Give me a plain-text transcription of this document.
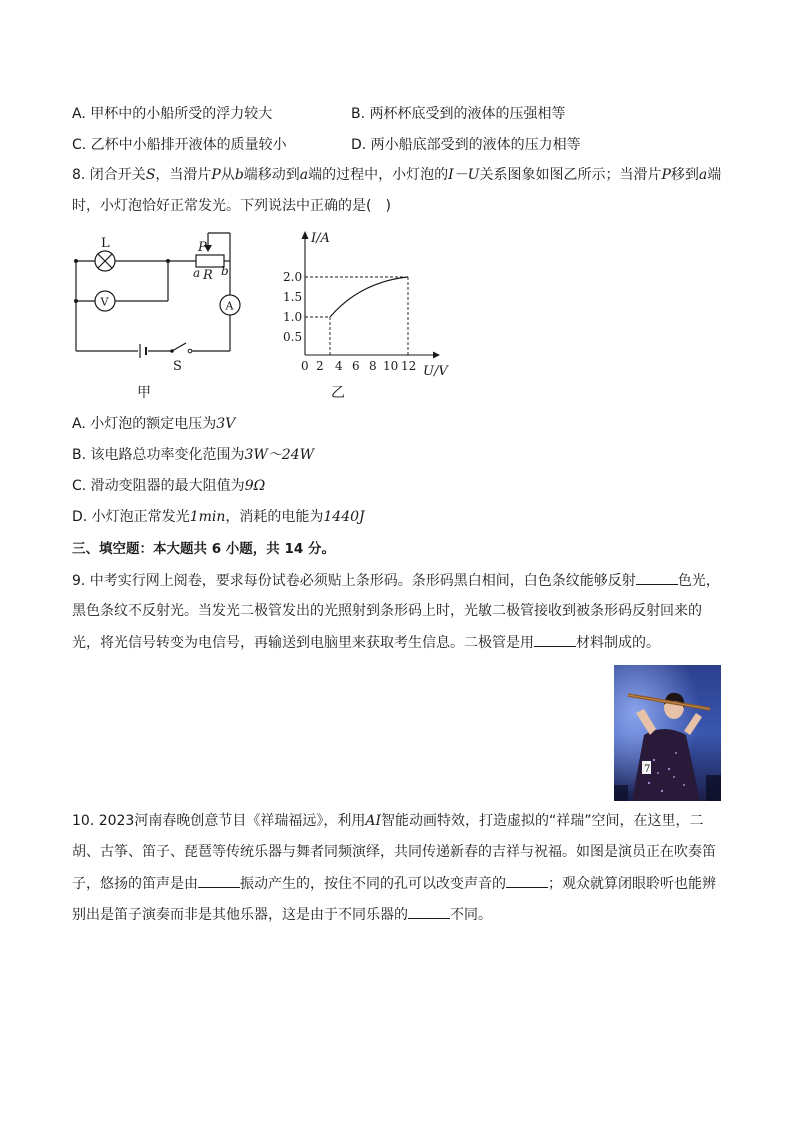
A. 甲杯中的小船所受的浮力较大	B. 两杯杯底受到的液体的压强相等
C. 乙杯中小船排开液体的质量较小	D. 两小船底部受到的液体的压力相等
8. 闭合开关S，当滑片P从b端移动到a端的过程中，小灯泡的I－U关系图象如图乙所示；当滑片P移到a端
时，小灯泡恰好正常发光。下列说法中正确的是(　)
L	P
a R b
V	A
S
甲
I/A
U/V
2.0
1.5
1.0
0.5
0 2 4 6 8 10 12
乙
A. 小灯泡的额定电压为3V
B. 该电路总功率变化范围为3W～24W
C. 滑动变阻器的最大阻值为9Ω
D. 小灯泡正常发光1min，消耗的电能为1440J
三、填空题：本大题共 6 小题，共 14 分。
9. 中考实行网上阅卷，要求每份试卷必须贴上条形码。条形码黑白相间，白色条纹能够反射	色光，
黑色条纹不反射光。当发光二极管发出的光照射到条形码上时，光敏二极管接收到被条形码反射回来的
光，将光信号转变为电信号，再输送到电脑里来获取考生信息。二极管是用	材料制成的。
7
10. 2023河南春晚创意节目《祥瑞福远》，利用AI智能动画特效，打造虚拟的“祥瑞”空间，在这里，二
胡、古筝、笛子、琵琶等传统乐器与舞者同频演绎，共同传递新春的吉祥与祝福。如图是演员正在吹奏笛
子，悠扬的笛声是由	振动产生的，按住不同的孔可以改变声音的	；观众就算闭眼聆听也能辨
别出是笛子演奏而非是其他乐器，这是由于不同乐器的	不同。
